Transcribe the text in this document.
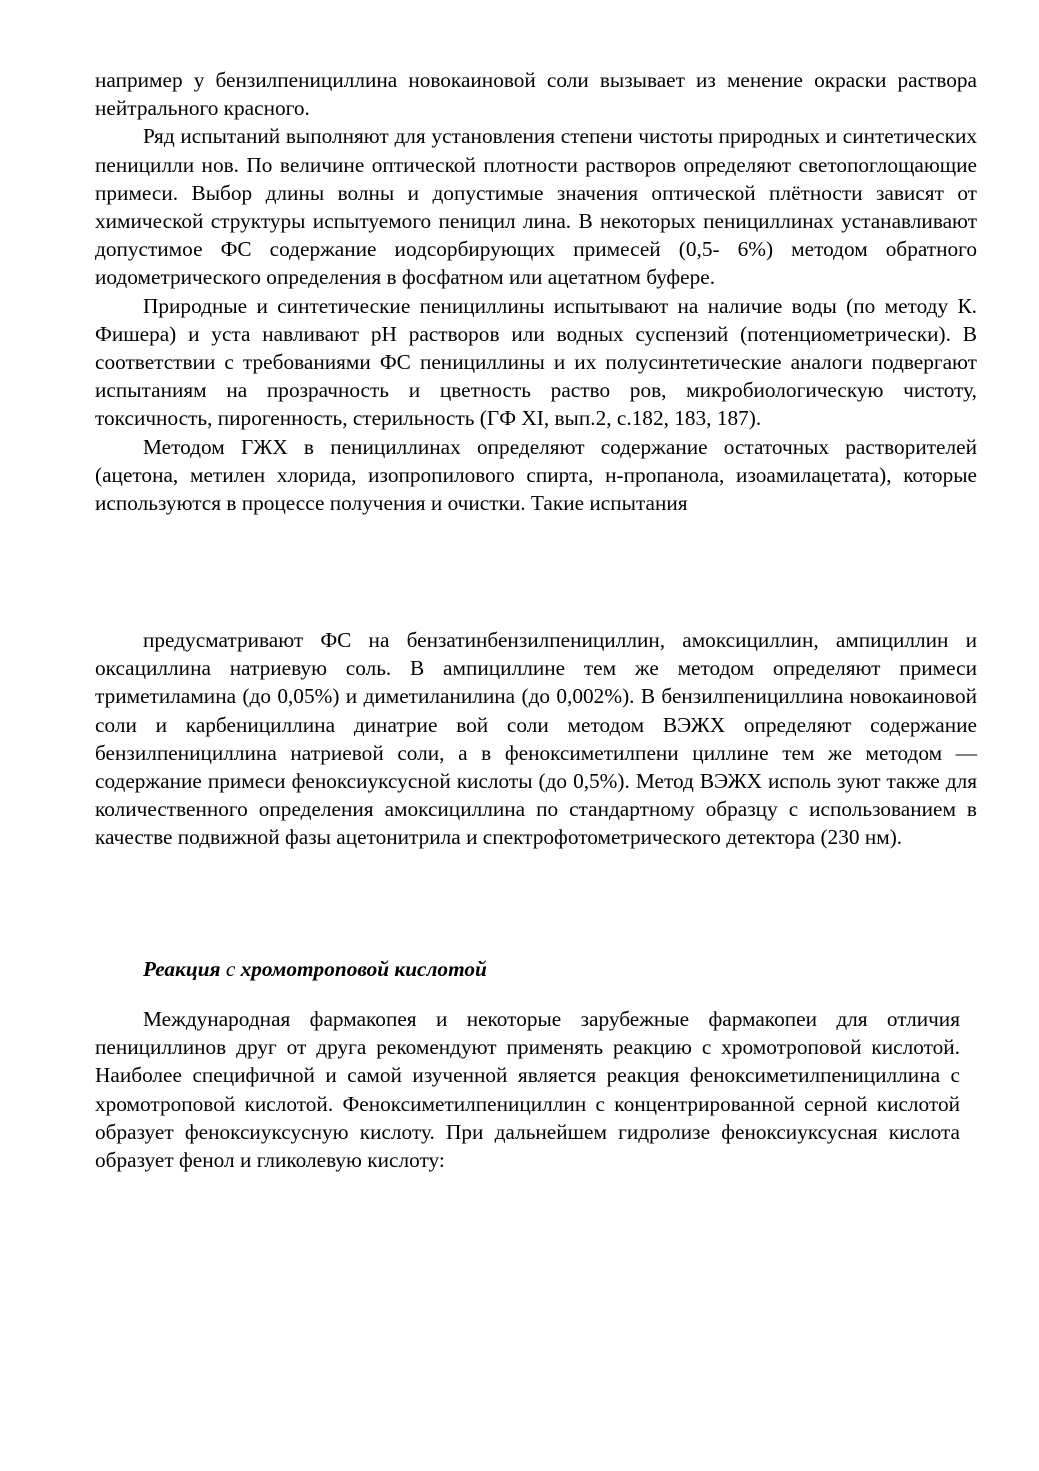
например у бензилпенициллина новокаиновой соли вызывает из менение окраски раствора нейтрального красного.

Ряд испытаний выполняют для установления степени чистоты природных и синтетических пеницилли нов. По величине оптической плотности растворов определяют светопоглощающие примеси. Выбор длины волны и допустимые значения оптической плётности зависят от химической структуры испытуемого пеницил лина. В некоторых пенициллинах устанавливают допустимое ФС содержание иодсорбирующих примесей (0,5- 6%) методом обратного иодометрического определения в фосфатном или ацетатном буфере.

Природные и синтетические пенициллины испытывают на наличие воды (по методу К. Фишера) и уста навливают pH растворов или водных суспензий (потенциометрически). В соответствии с требованиями ФС пенициллины и их полусинтетические аналоги подвергают испытаниям на прозрачность и цветность раство ров, микробиологическую чистоту, токсичность, пирогенность, стерильность (ГФ XI, вып.2, с.182, 183, 187).

Методом ГЖХ в пенициллинах определяют содержание остаточных растворителей (ацетона, метилен хлорида, изопропилового спирта, н-пропанола, изоамилацетата), которые используются в процессе получения и очистки. Такие испытания

предусматривают ФС на бензатинбензилпенициллин, амоксициллин, ампициллин и оксациллина натриевую соль. В ампициллине тем же методом определяют примеси триметиламина (до 0,05%) и диметиланилина (до 0,002%). В бензилпенициллина новокаиновой соли и карбенициллина динатрие вой соли методом ВЭЖХ определяют содержание бензилпенициллина натриевой соли, а в феноксиметилпени циллине тем же методом — содержание примеси феноксиуксусной кислоты (до 0,5%). Метод ВЭЖХ исполь зуют также для количественного определения амоксициллина по стандартному образцу с использованием в качестве подвижной фазы ацетонитрила и спектрофотометрического детектора (230 нм).

Реакция с хромотроповой кислотой

Международная фармакопея и некоторые зарубежные фармакопеи для отличия пенициллинов друг от друга рекомендуют применять реакцию с хромотроповой кислотой. Наиболее специфичной и самой изученной является реакция феноксиметилпенициллина с хромотроповой кислотой. Феноксиметилпенициллин с концентрированной серной кислотой образует феноксиуксусную кислоту. При дальнейшем гидролизе феноксиуксусная кислота образует фенол и гликолевую кислоту:
